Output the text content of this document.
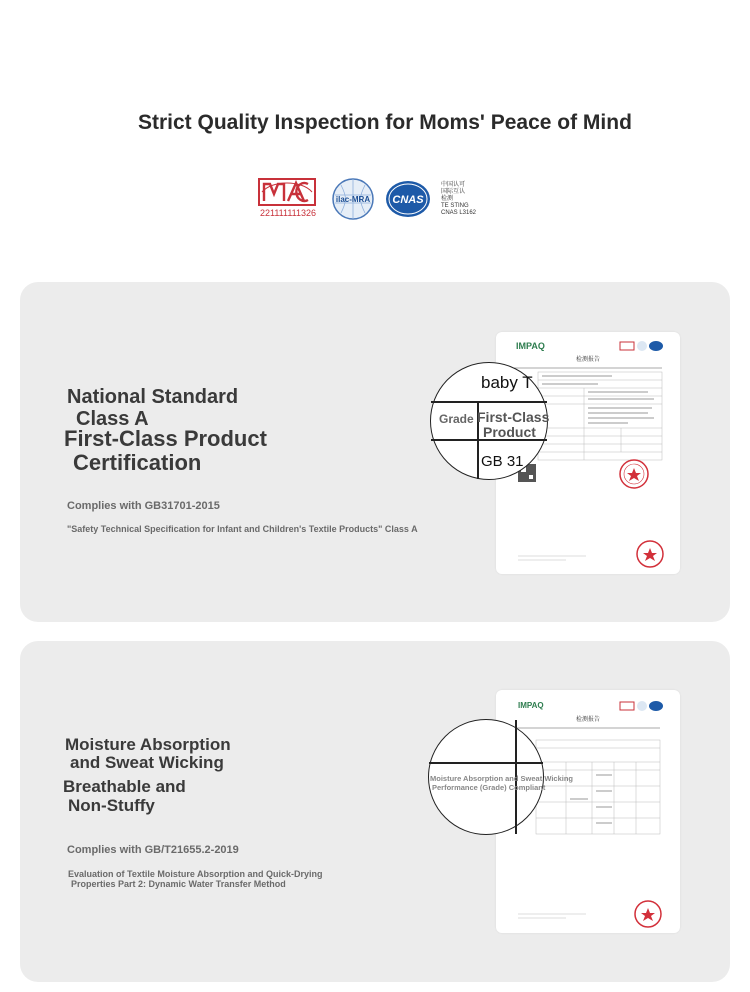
Strict Quality Inspection for Moms' Peace of Mind
221111111326
ilac-MRA CNAS
中国认可
国际互认
检测
TE STING
CNAS L3162
National Standard
Class A
First-Class Product
Certification
Complies with GB31701-2015
"Safety Technical Specification for Infant and Children's Textile Products" Class A
IMPAQ
检测报告
baby T
Grade First-Class
Product
GB 31
Moisture Absorption
and Sweat Wicking
Breathable and
Non-Stuffy
Complies with GB/T21655.2-2019
Evaluation of Textile Moisture Absorption and Quick-Drying
Properties Part 2: Dynamic Water Transfer Method
IMPAQ
检测报告
Moisture Absorption and Sweat Wicking
Performance (Grade) Compliant
